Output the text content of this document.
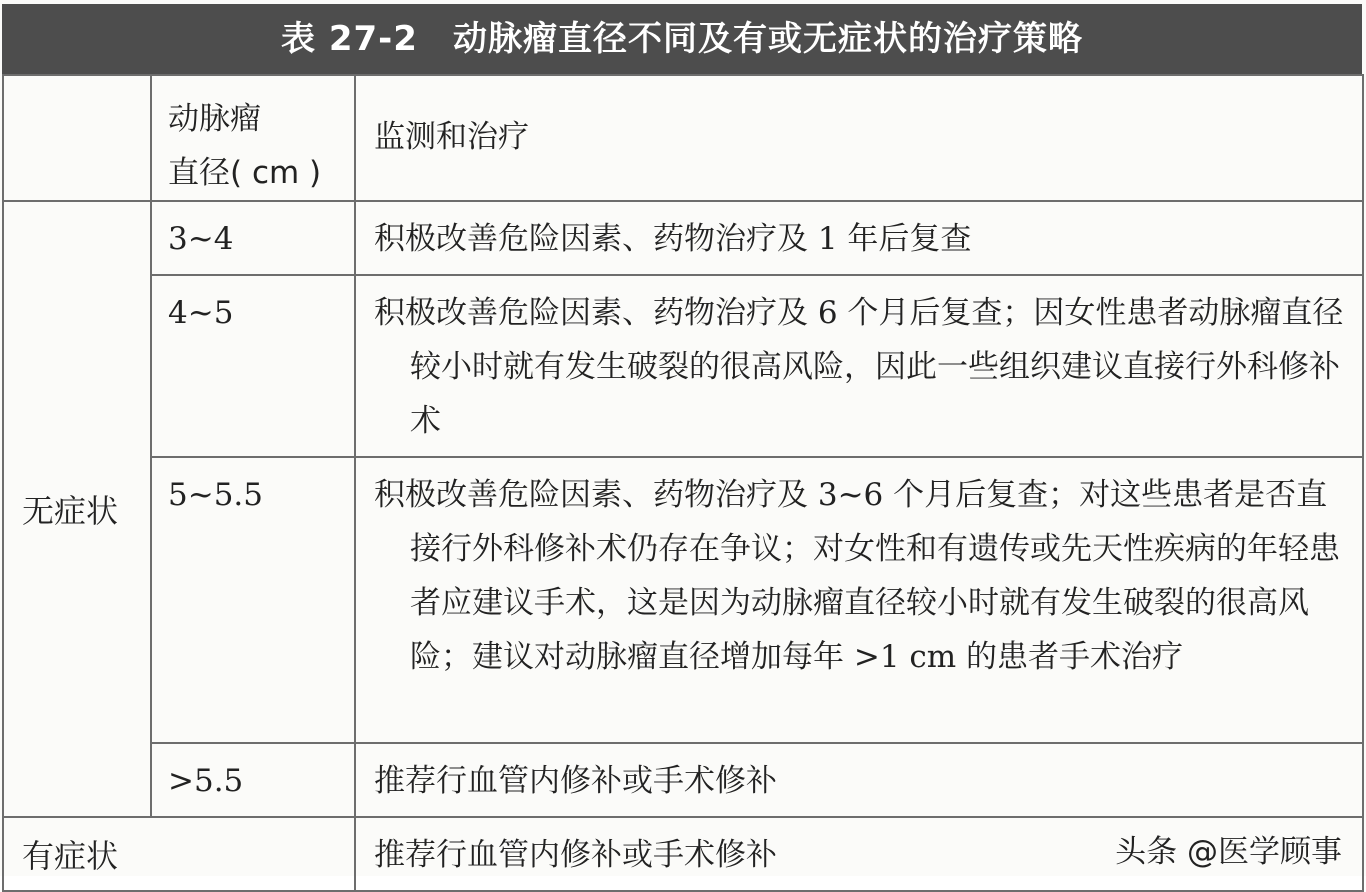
表 27-2　动脉瘤直径不同及有或无症状的治疗策略

	动脉瘤
直径( cm )	监测和治疗
无症状	3~4	积极改善危险因素、药物治疗及 1 年后复查

	4~5	积极改善危险因素、药物治疗及 6 个月后复查；因女性患者动脉瘤直径较小时就有发生破裂的很高风险，因此一些组织建议直接行外科修补术

	5~5.5	积极改善危险因素、药物治疗及 3~6 个月后复查；对这些患者是否直接行外科修补术仍存在争议；对女性和有遗传或先天性疾病的年轻患者应建议手术，这是因为动脉瘤直径较小时就有发生破裂的很高风险；建议对动脉瘤直径增加每年 >1 cm 的患者手术治疗

	>5.5	推荐行血管内修补或手术修补

有症状		推荐行血管内修补或手术修补 头条 @医学顾事
